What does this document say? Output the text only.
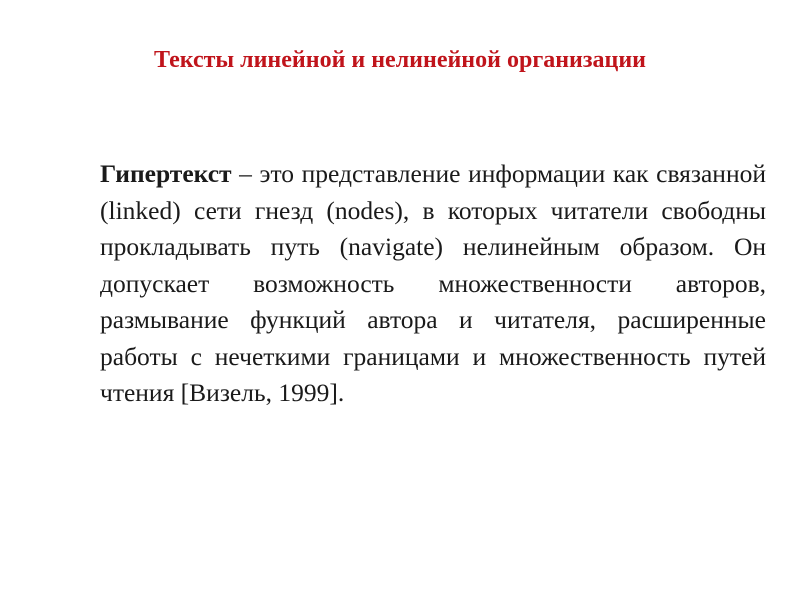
Тексты линейной и нелинейной организации

Гипертекст – это представление информации как связанной (linked) сети гнезд (nodes), в которых читатели свободны прокладывать путь (navigate) нелинейным образом. Он допускает возможность множественности авторов, размывание функций автора и читателя, расширенные работы с нечеткими границами и множественность путей чтения [Визель, 1999].
